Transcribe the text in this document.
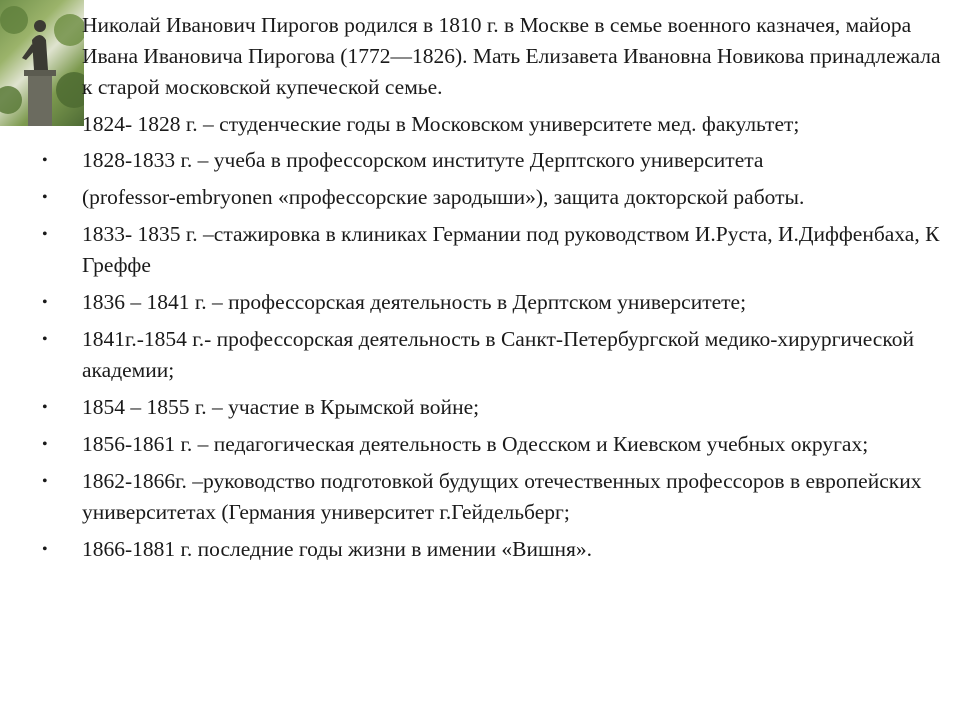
Николай Иванович Пирогов родился в 1810 г. в Москве в семье военного казначея, майора Ивана Ивановича Пирогова (1772—1826). Мать Елизавета Ивановна Новикова принадлежала к старой московской купеческой семье.

1824- 1828 г. – студенческие годы в Московском университете мед. факультет;
• 1828-1833 г. – учеба в профессорском институте Дерптского университета
• (professor-embryonen «профессорские зародыши»), защита докторской работы.
• 1833- 1835 г. –стажировка в клиниках Германии под руководством И.Руста, И.Диффенбаха, К Греффе
• 1836 – 1841 г. – профессорская деятельность в Дерптском университете;
• 1841г.-1854 г.- профессорская деятельность в Санкт-Петербургской медико-хирургической академии;
• 1854 – 1855 г. – участие в Крымской войне;
• 1856-1861 г. – педагогическая деятельность в Одесском и Киевском учебных округах;
• 1862-1866г. –руководство подготовкой будущих отечественных профессоров в европейских университетах (Германия университет г.Гейдельберг;
• 1866-1881 г. последние годы жизни в имении «Вишня».
